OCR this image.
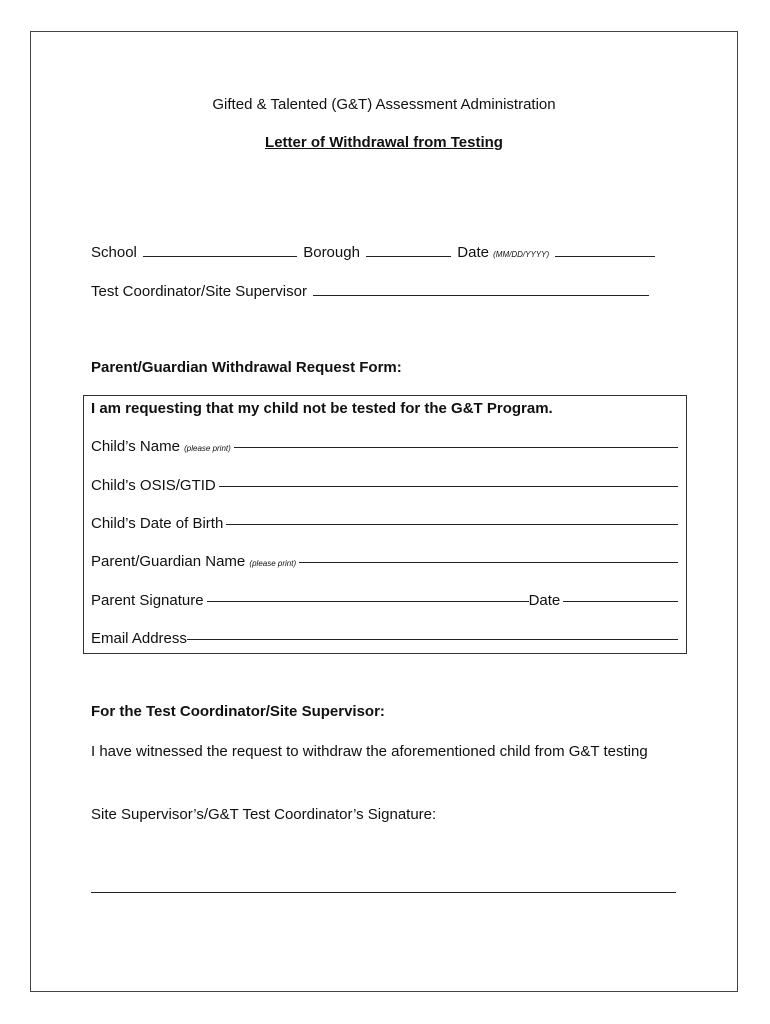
Gifted & Talented (G&T) Assessment Administration
Letter of Withdrawal from Testing
School	Borough	Date (MM/DD/YYYY)
Test Coordinator/Site Supervisor
Parent/Guardian Withdrawal Request Form:
I am requesting that my child not be tested for the G&T Program.
Child’s Name
(please print)
Child’s OSIS/GTID
Child’s Date of Birth
Parent/Guardian Name
(please print)
Parent Signature	Date
Email Address
For the Test Coordinator/Site Supervisor:
I have witnessed the request to withdraw the aforementioned child from G&T testing
Site Supervisor’s/G&T Test Coordinator’s Signature:
